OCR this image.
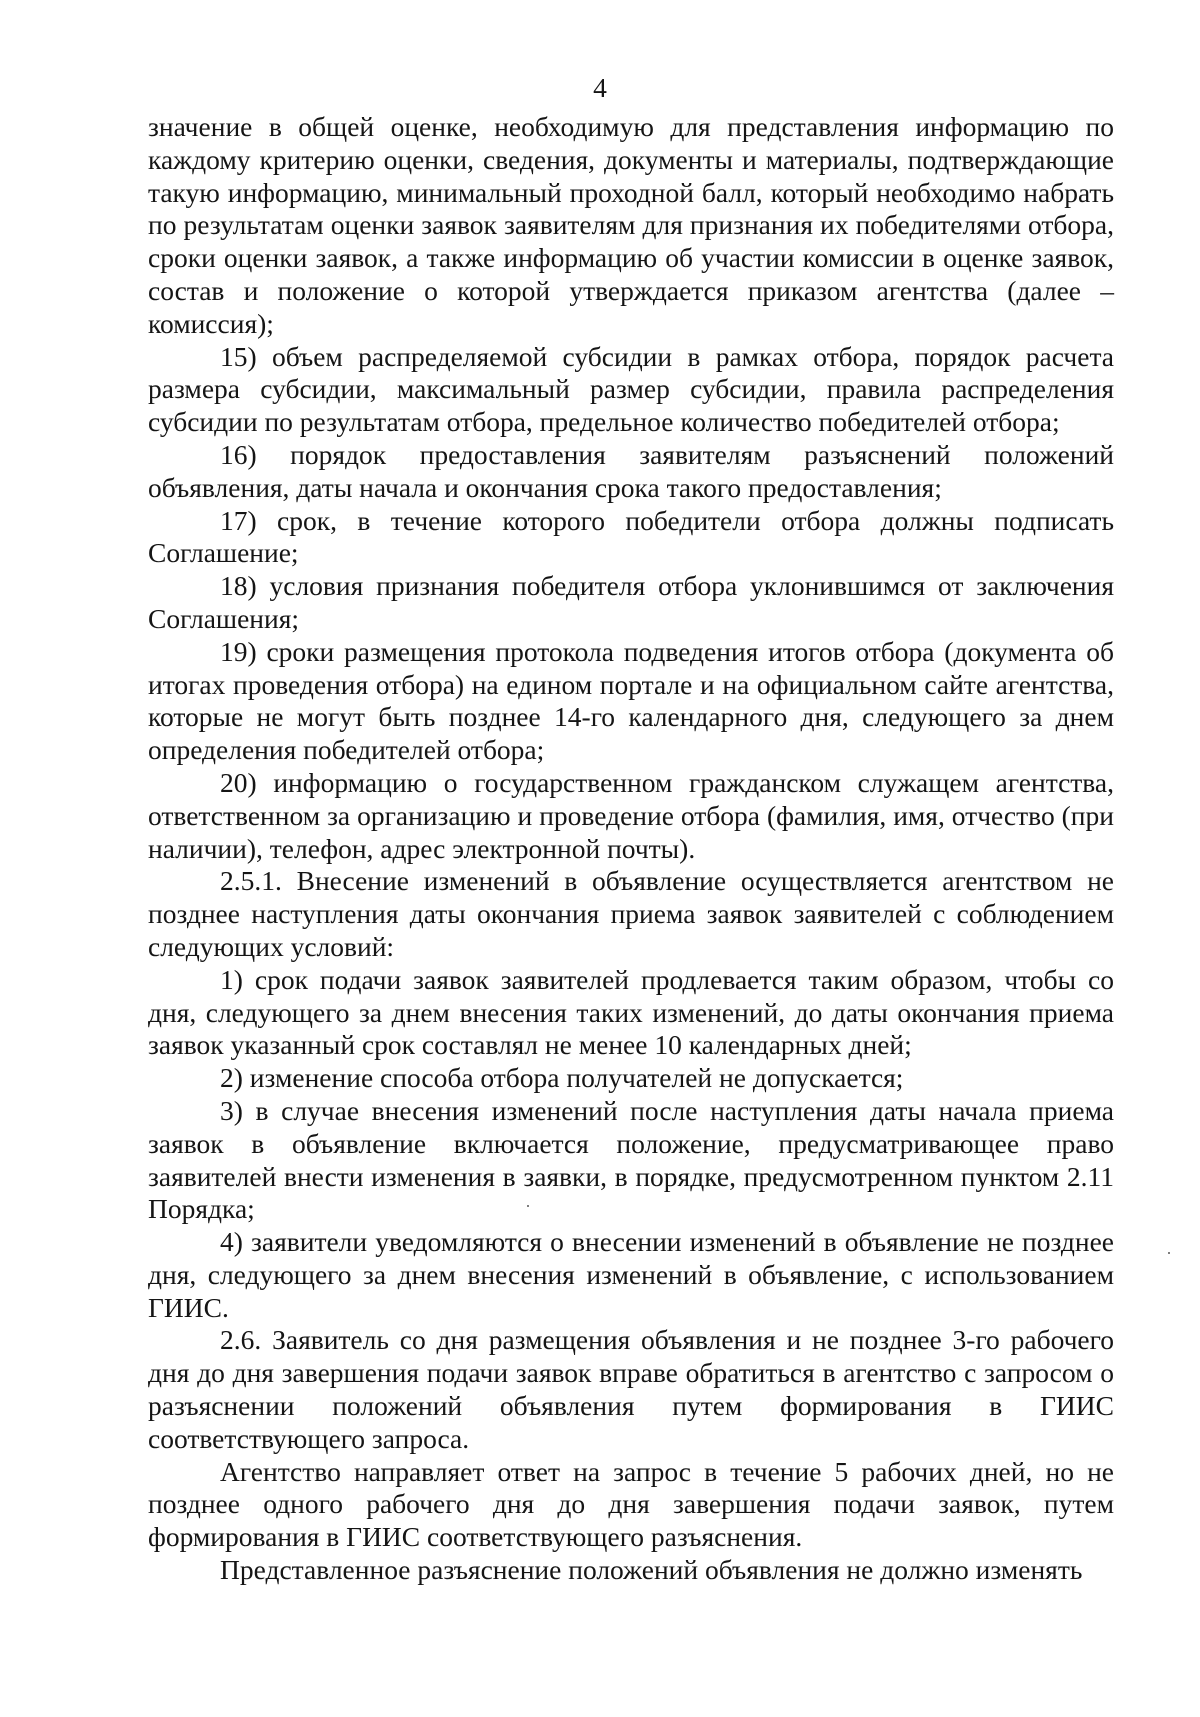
4

значение в общей оценке, необходимую для представления информацию по каждому критерию оценки, сведения, документы и материалы, подтверждающие такую информацию, минимальный проходной балл, который необходимо набрать по результатам оценки заявок заявителям для признания их победителями отбора, сроки оценки заявок, а также информацию об участии комиссии в оценке заявок, состав и положение о которой утверждается приказом агентства (далее – комиссия);

15) объем распределяемой субсидии в рамках отбора, порядок расчета размера субсидии, максимальный размер субсидии, правила распределения субсидии по результатам отбора, предельное количество победителей отбора;

16) порядок предоставления заявителям разъяснений положений объявления, даты начала и окончания срока такого предоставления;

17) срок, в течение которого победители отбора должны подписать Соглашение;

18) условия признания победителя отбора уклонившимся от заключения Соглашения;

19) сроки размещения протокола подведения итогов отбора (документа об итогах проведения отбора) на едином портале и на официальном сайте агентства, которые не могут быть позднее 14-го календарного дня, следующего за днем определения победителей отбора;

20) информацию о государственном гражданском служащем агентства, ответственном за организацию и проведение отбора (фамилия, имя, отчество (при наличии), телефон, адрес электронной почты).

2.5.1. Внесение изменений в объявление осуществляется агентством не позднее наступления даты окончания приема заявок заявителей с соблюдением следующих условий:

1) срок подачи заявок заявителей продлевается таким образом, чтобы со дня, следующего за днем внесения таких изменений, до даты окончания приема заявок указанный срок составлял не менее 10 календарных дней;

2) изменение способа отбора получателей не допускается;

3) в случае внесения изменений после наступления даты начала приема заявок в объявление включается положение, предусматривающее право заявителей внести изменения в заявки, в порядке, предусмотренном пунктом 2.11 Порядка;

4) заявители уведомляются о внесении изменений в объявление не позднее дня, следующего за днем внесения изменений в объявление, с использованием ГИИС.

2.6. Заявитель со дня размещения объявления и не позднее 3-го рабочего дня до дня завершения подачи заявок вправе обратиться в агентство с запросом о разъяснении положений объявления путем формирования в ГИИС соответствующего запроса.

Агентство направляет ответ на запрос в течение 5 рабочих дней, но не позднее одного рабочего дня до дня завершения подачи заявок, путем формирования в ГИИС соответствующего разъяснения.

Представленное разъяснение положений объявления не должно изменять
